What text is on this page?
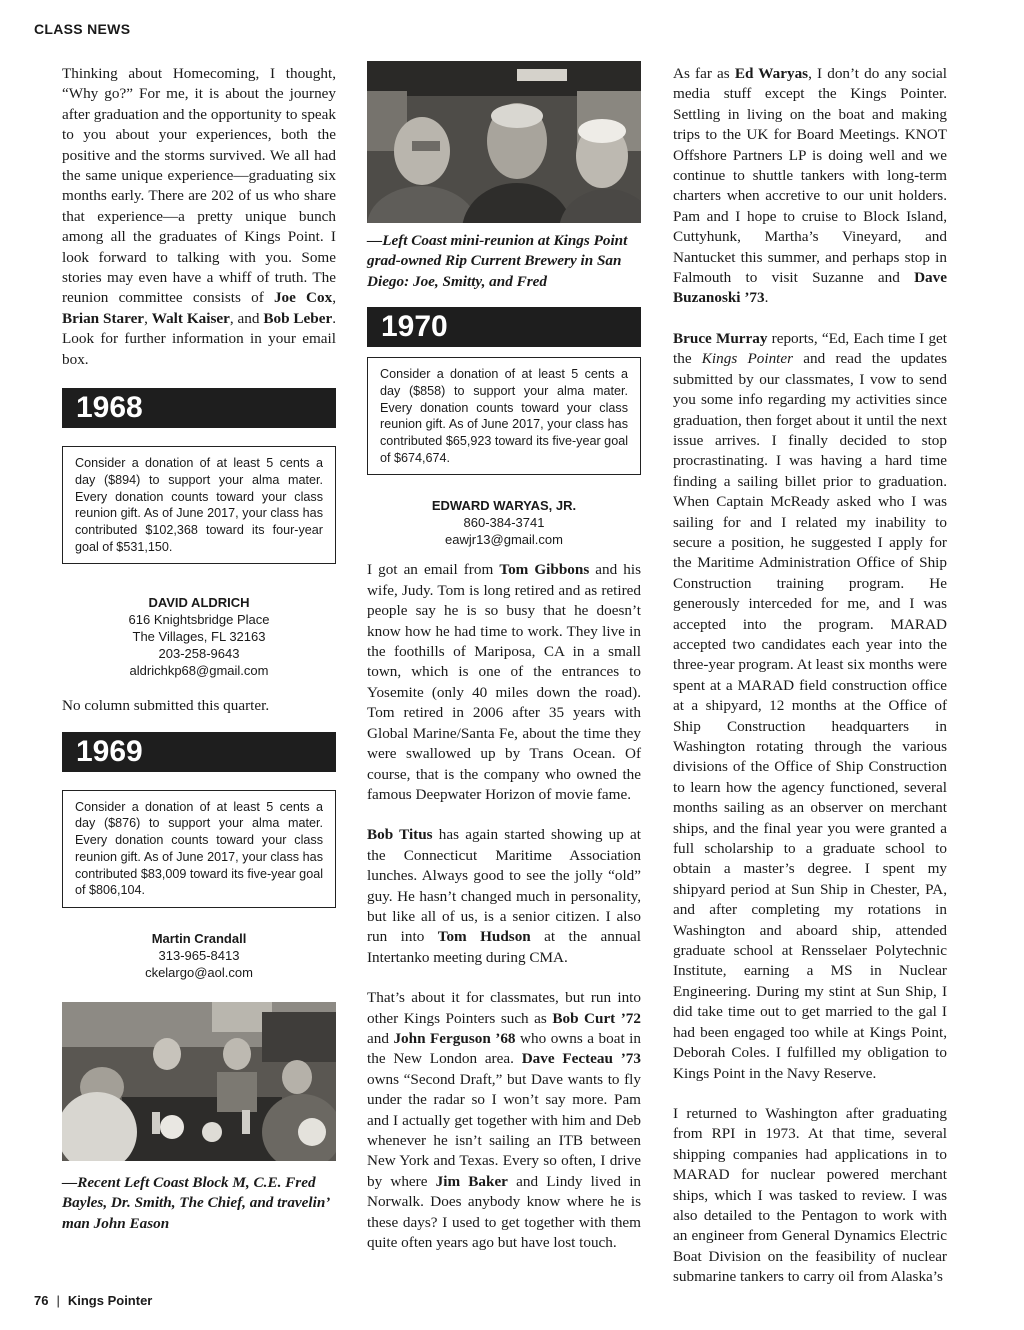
CLASS NEWS

Thinking about Homecoming, I thought, “Why go?” For me, it is about the journey after graduation and the opportunity to speak to you about your experiences, both the positive and the storms survived. We all had the same unique experience—graduating six months early. There are 202 of us who share that experience—a pretty unique bunch among all the graduates of Kings Point. I look forward to talking with you. Some stories may even have a whiff of truth. The reunion committee consists of Joe Cox, Brian Starer, Walt Kaiser, and Bob Leber. Look for further information in your email box.

1968
Consider a donation of at least 5 cents a day ($894) to support your alma mater. Every donation counts toward your class reunion gift. As of June 2017, your class has contributed $102,368 toward its four-year goal of $531,150.
DAVID ALDRICH
616 Knightsbridge Place
The Villages, FL 32163
203-258-9643
aldrichkp68@gmail.com

No column submitted this quarter.

1969
Consider a donation of at least 5 cents a day ($876) to support your alma mater. Every donation counts toward your class reunion gift. As of June 2017, your class has contributed $83,009 toward its five-year goal of $806,104.
Martin Crandall
313-965-8413
ckelargo@aol.com

—Recent Left Coast Block M, C.E. Fred Bayles, Dr. Smith, The Chief, and travelin’ man John Eason

—Left Coast mini-reunion at Kings Point grad-owned Rip Current Brewery in San Diego: Joe, Smitty, and Fred

1970
Consider a donation of at least 5 cents a day ($858) to support your alma mater. Every donation counts toward your class reunion gift. As of June 2017, your class has contributed $65,923 toward its five-year goal of $674,674.
EDWARD WARYAS, JR.
860-384-3741
eawjr13@gmail.com

I got an email from Tom Gibbons and his wife, Judy. Tom is long retired and as retired people say he is so busy that he doesn’t know how he had time to work. They live in the foothills of Mariposa, CA in a small town, which is one of the entrances to Yosemite (only 40 miles down the road). Tom retired in 2006 after 35 years with Global Marine/Santa Fe, about the time they were swallowed up by Trans Ocean. Of course, that is the company who owned the famous Deepwater Horizon of movie fame.

Bob Titus has again started showing up at the Connecticut Maritime Association lunches. Always good to see the jolly “old” guy. He hasn’t changed much in personality, but like all of us, is a senior citizen. I also run into Tom Hudson at the annual Intertanko meeting during CMA.

That’s about it for classmates, but run into other Kings Pointers such as Bob Curt ’72 and John Ferguson ’68 who owns a boat in the New London area. Dave Fecteau ’73 owns “Second Draft,” but Dave wants to fly under the radar so I won’t say more. Pam and I actually get together with him and Deb whenever he isn’t sailing an ITB between New York and Texas. Every so often, I drive by where Jim Baker and Lindy lived in Norwalk. Does anybody know where he is these days? I used to get together with them quite often years ago but have lost touch.

As far as Ed Waryas, I don’t do any social media stuff except the Kings Pointer. Settling in living on the boat and making trips to the UK for Board Meetings. KNOT Offshore Partners LP is doing well and we continue to shuttle tankers with long-term charters when accretive to our unit holders. Pam and I hope to cruise to Block Island, Cuttyhunk, Martha’s Vineyard, and Nantucket this summer, and perhaps stop in Falmouth to visit Suzanne and Dave Buzanoski ’73.

Bruce Murray reports, “Ed, Each time I get the Kings Pointer and read the updates submitted by our classmates, I vow to send you some info regarding my activities since graduation, then forget about it until the next issue arrives. I finally decided to stop procrastinating. I was having a hard time finding a sailing billet prior to graduation. When Captain McReady asked who I was sailing for and I related my inability to secure a position, he suggested I apply for the Maritime Administration Office of Ship Construction training program. He generously interceded for me, and I was accepted into the program. MARAD accepted two candidates each year into the three-year program. At least six months were spent at a MARAD field construction office at a shipyard, 12 months at the Office of Ship Construction headquarters in Washington rotating through the various divisions of the Office of Ship Construction to learn how the agency functioned, several months sailing as an observer on merchant ships, and the final year you were granted a full scholarship to a graduate school to obtain a master’s degree. I spent my shipyard period at Sun Ship in Chester, PA, and after completing my rotations in Washington and aboard ship, attended graduate school at Rensselaer Polytechnic Institute, earning a MS in Nuclear Engineering. During my stint at Sun Ship, I did take time out to get married to the gal I had been engaged too while at Kings Point, Deborah Coles. I fulfilled my obligation to Kings Point in the Navy Reserve.

I returned to Washington after graduating from RPI in 1973. At that time, several shipping companies had applications in to MARAD for nuclear powered merchant ships, which I was tasked to review. I was also detailed to the Pentagon to work with an engineer from General Dynamics Electric Boat Division on the feasibility of nuclear submarine tankers to carry oil from Alaska’s

76 | Kings Pointer
